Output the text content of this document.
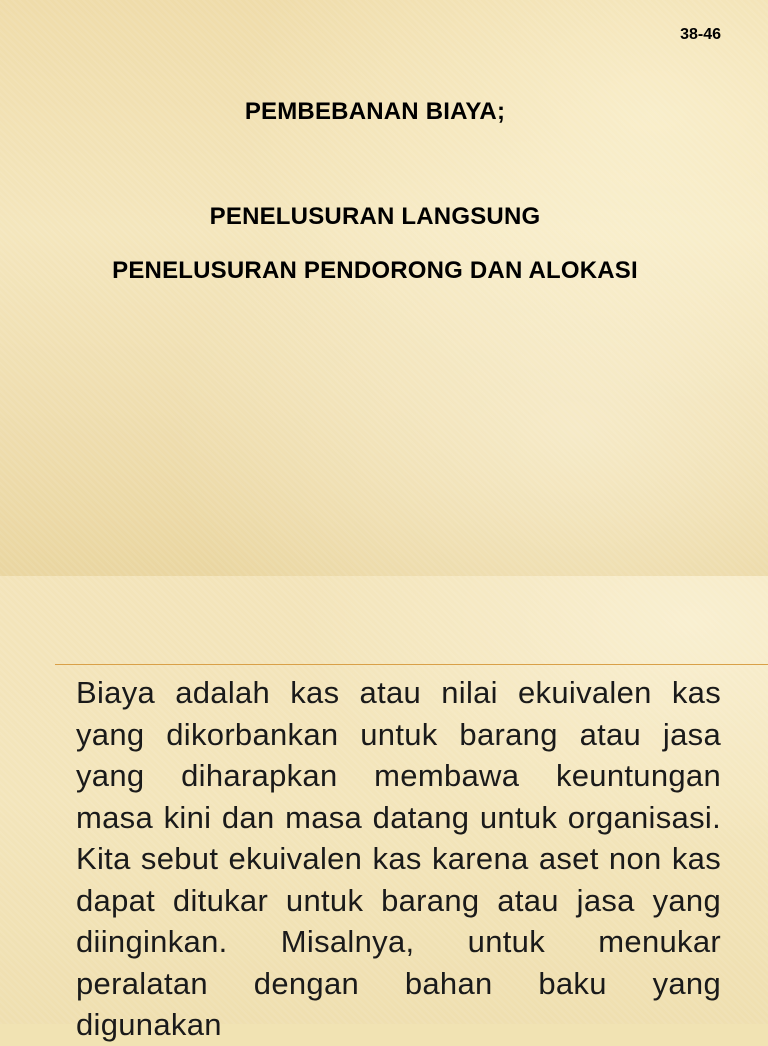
38-46
PEMBEBANAN BIAYA;
PENELUSURAN LANGSUNG
PENELUSURAN PENDORONG DAN ALOKASI
Biaya adalah kas atau nilai ekuivalen kas yang dikorbankan untuk barang atau jasa yang diharapkan membawa keuntungan masa kini dan masa datang untuk organisasi. Kita sebut ekuivalen kas karena aset non kas dapat ditukar untuk barang atau jasa yang diinginkan. Misalnya, untuk menukar peralatan dengan bahan baku yang digunakan
